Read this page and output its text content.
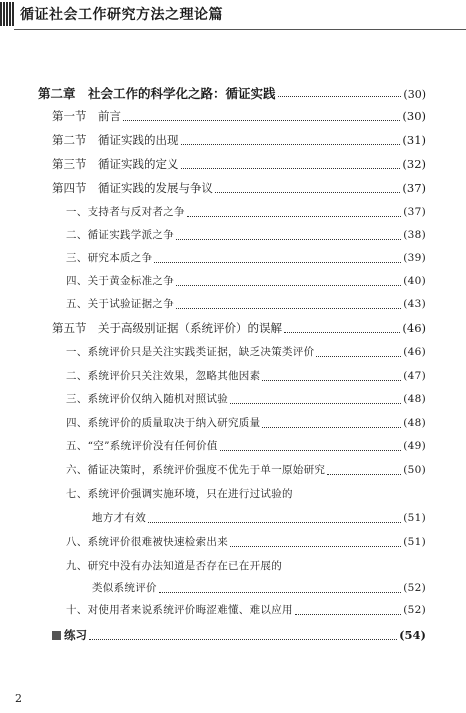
循证社会工作研究方法之理论篇
第二章　社会工作的科学化之路：循证实践	(30)
第一节　前言	(30)
第二节　循证实践的出现	(31)
第三节　循证实践的定义	(32)
第四节　循证实践的发展与争议	(37)
一、支持者与反对者之争	(37)
二、循证实践学派之争	(38)
三、研究本质之争	(39)
四、关于黄金标准之争	(40)
五、关于试验证据之争	(43)
第五节　关于高级别证据（系统评价）的误解	(46)
一、系统评价只是关注实践类证据，缺乏决策类评价	(46)
二、系统评价只关注效果，忽略其他因素	(47)
三、系统评价仅纳入随机对照试验	(48)
四、系统评价的质量取决于纳入研究质量	(48)
五、“空”系统评价没有任何价值	(49)
六、循证决策时，系统评价强度不优先于单一原始研究	(50)
七、系统评价强调实施环境，只在进行过试验的
地方才有效	(51)
八、系统评价很难被快速检索出来	(51)
九、研究中没有办法知道是否存在已在开展的
类似系统评价	(52)
十、对使用者来说系统评价晦涩难懂、难以应用	(52)
练习	(54)
2
